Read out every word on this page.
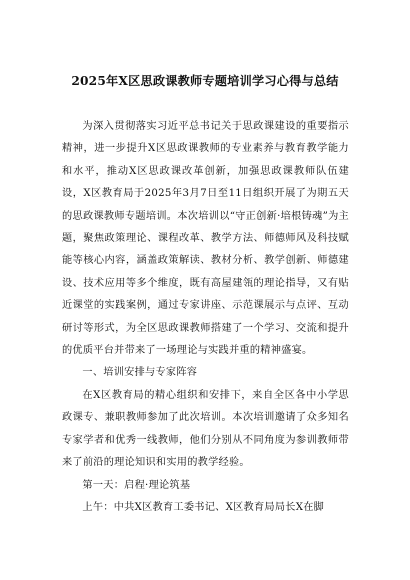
2025年X区思政课教师专题培训学习心得与总结

为深入贯彻落实习近平总书记关于思政课建设的重要指示精神，进一步提升X区思政课教师的专业素养与教育教学能力和水平，推动X区思政课改革创新，加强思政课教师队伍建设，X区教育局于2025年3月7日至11日组织开展了为期五天的思政课教师专题培训。本次培训以“守正创新·培根铸魂”为主题，聚焦政策理论、课程改革、教学方法、师德师风及科技赋能等核心内容，涵盖政策解读、教材分析、教学创新、师德建设、技术应用等多个维度，既有高屋建瓴的理论指导，又有贴近课堂的实践案例，通过专家讲座、示范课展示与点评、互动研讨等形式，为全区思政课教师搭建了一个学习、交流和提升的优质平台并带来了一场理论与实践并重的精神盛宴。

一、培训安排与专家阵容

在X区教育局的精心组织和安排下，来自全区各中小学思政课专、兼职教师参加了此次培训。本次培训邀请了众多知名专家学者和优秀一线教师，他们分别从不同角度为参训教师带来了前沿的理论知识和实用的教学经验。

第一天：启程·理论筑基

上午：中共X区教育工委书记、X区教育局局长X在脚
